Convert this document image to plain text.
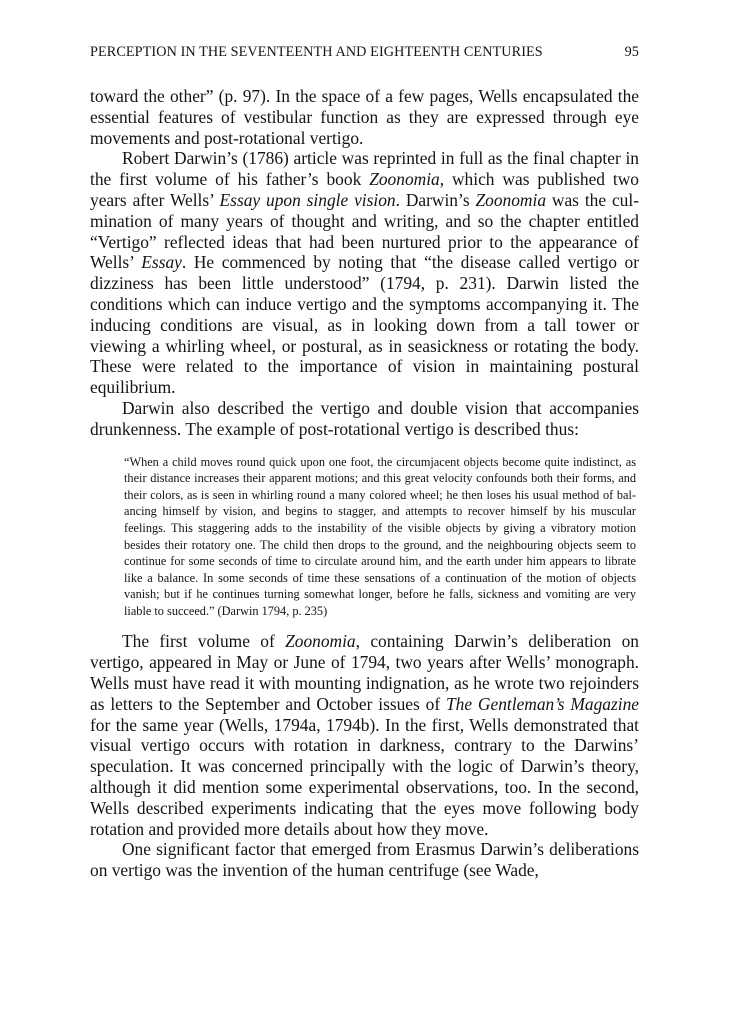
PERCEPTION IN THE SEVENTEENTH AND EIGHTEENTH CENTURIES	95

toward the other” (p. 97). In the space of a few pages, Wells encapsulated the essential features of vestibular function as they are expressed through eye movements and post-rotational vertigo.

Robert Darwin’s (1786) article was reprinted in full as the final chapter in the first volume of his father’s book Zoonomia, which was published two years after Wells’ Essay upon single vision. Darwin’s Zoonomia was the culmination of many years of thought and writing, and so the chapter entitled “Vertigo” reflected ideas that had been nurtured prior to the appearance of Wells’ Essay. He commenced by noting that “the disease called vertigo or dizziness has been little understood” (1794, p. 231). Darwin listed the conditions which can induce vertigo and the symptoms accompanying it. The inducing conditions are visual, as in looking down from a tall tower or viewing a whirling wheel, or postural, as in seasickness or rotating the body. These were related to the importance of vision in maintaining postural equilibrium.

Darwin also described the vertigo and double vision that accompanies drunkenness. The example of post-rotational vertigo is described thus:

“When a child moves round quick upon one foot, the circumjacent objects become quite indistinct, as their distance increases their apparent motions; and this great velocity confounds both their forms, and their colors, as is seen in whirling round a many colored wheel; he then loses his usual method of balancing himself by vision, and begins to stagger, and attempts to recover himself by his muscular feelings. This staggering adds to the instability of the visible objects by giving a vibratory motion besides their rotatory one. The child then drops to the ground, and the neighbouring objects seem to continue for some seconds of time to circulate around him, and the earth under him appears to librate like a balance. In some seconds of time these sensations of a continuation of the motion of objects vanish; but if he continues turning somewhat longer, before he falls, sickness and vomiting are very liable to succeed.” (Darwin 1794, p. 235)

The first volume of Zoonomia, containing Darwin’s deliberation on vertigo, appeared in May or June of 1794, two years after Wells’ monograph. Wells must have read it with mounting indignation, as he wrote two rejoinders as letters to the September and October issues of The Gentleman’s Magazine for the same year (Wells, 1794a, 1794b). In the first, Wells demonstrated that visual vertigo occurs with rotation in darkness, contrary to the Darwins’ speculation. It was concerned principally with the logic of Darwin’s theory, although it did mention some experimental observations, too. In the second, Wells described experiments indicating that the eyes move following body rotation and provided more details about how they move.

One significant factor that emerged from Erasmus Darwin’s deliberations on vertigo was the invention of the human centrifuge (see Wade,
